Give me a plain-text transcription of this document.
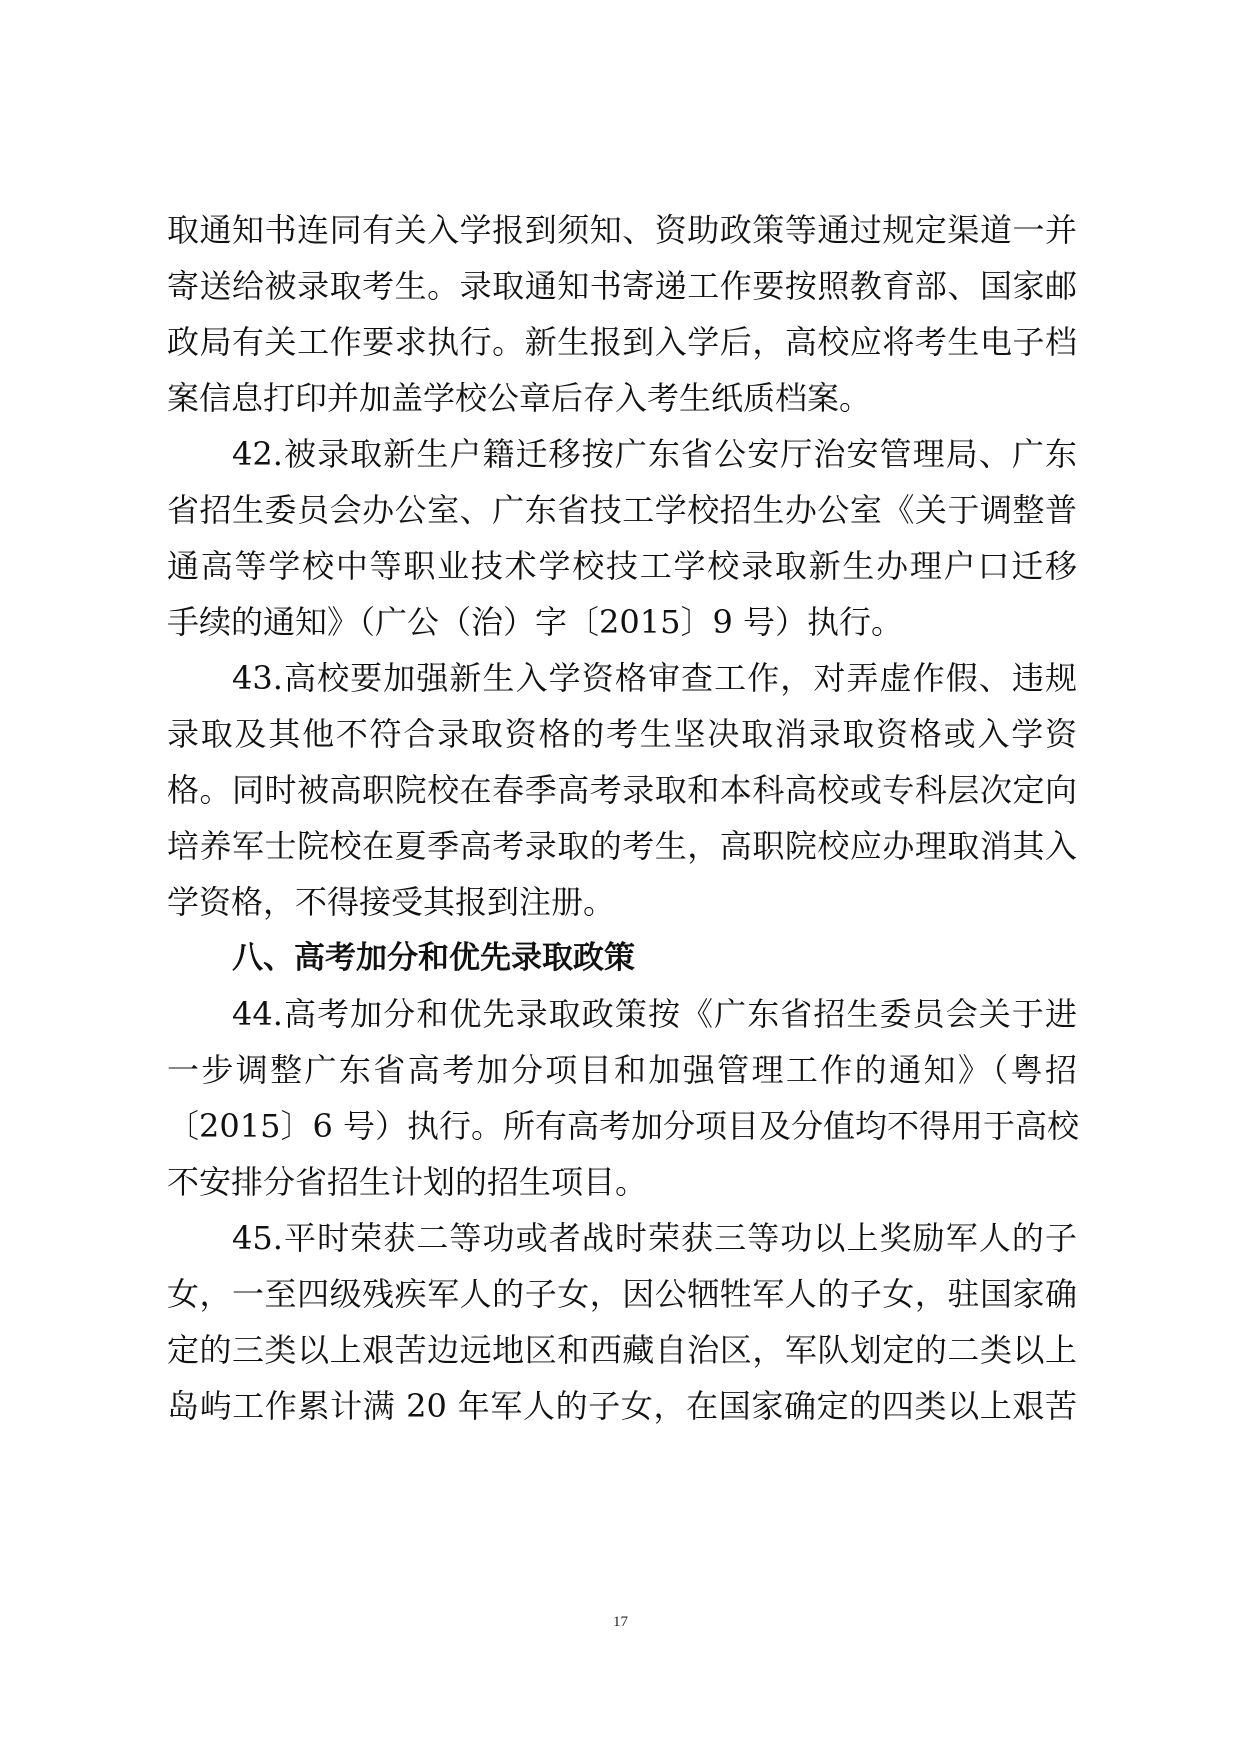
取通知书连同有关入学报到须知、资助政策等通过规定渠道一并
寄送给被录取考生。录取通知书寄递工作要按照教育部、国家邮
政局有关工作要求执行。新生报到入学后，高校应将考生电子档
案信息打印并加盖学校公章后存入考生纸质档案。
42.被录取新生户籍迁移按广东省公安厅治安管理局、广东
省招生委员会办公室、广东省技工学校招生办公室《关于调整普
通高等学校中等职业技术学校技工学校录取新生办理户口迁移
手续的通知》（广公（治）字〔2015〕9 号）执行。
43.高校要加强新生入学资格审查工作，对弄虚作假、违规
录取及其他不符合录取资格的考生坚决取消录取资格或入学资
格。同时被高职院校在春季高考录取和本科高校或专科层次定向
培养军士院校在夏季高考录取的考生，高职院校应办理取消其入
学资格，不得接受其报到注册。
八、高考加分和优先录取政策
44.高考加分和优先录取政策按《广东省招生委员会关于进
一步调整广东省高考加分项目和加强管理工作的通知》（粤招
〔2015〕6 号）执行。所有高考加分项目及分值均不得用于高校
不安排分省招生计划的招生项目。
45.平时荣获二等功或者战时荣获三等功以上奖励军人的子
女，一至四级残疾军人的子女，因公牺牲军人的子女，驻国家确
定的三类以上艰苦边远地区和西藏自治区，军队划定的二类以上
岛屿工作累计满 20 年军人的子女，在国家确定的四类以上艰苦
17
